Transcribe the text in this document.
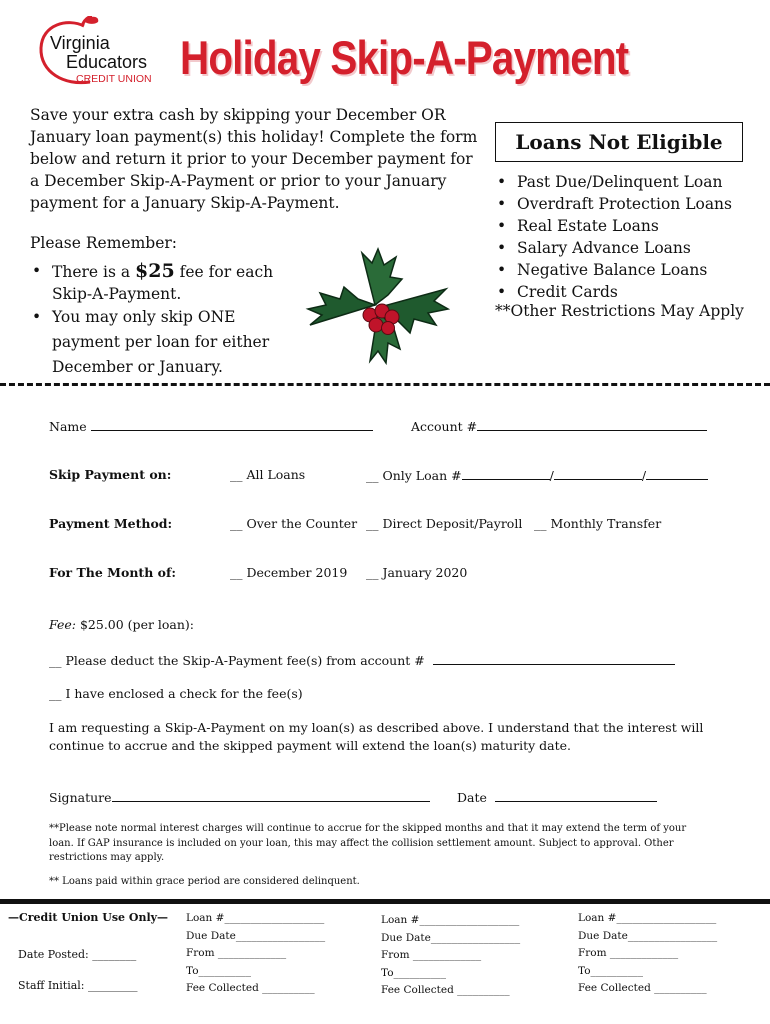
Virginia
Educators
CREDIT UNION Holiday Skip-A-Payment
Save your extra cash by skipping your December OR January loan payment(s) this holiday! Complete the form below and return it prior to your December payment for a December Skip-A-Payment or prior to your January payment for a January Skip-A-Payment.
Please Remember:
• There is a $25 fee for each Skip-A-Payment.
• You may only skip ONE payment per loan for either December or January.
Loans Not Eligible
• Past Due/Delinquent Loan
• Overdraft Protection Loans
• Real Estate Loans
• Salary Advance Loans
• Negative Balance Loans
• Credit Cards
**Other Restrictions May Apply
Name	Account #
Skip Payment on:	__ All Loans	__ Only Loan #	/	/
Payment Method:	__ Over the Counter __ Direct Deposit/Payroll __ Monthly Transfer
For The Month of:	__ December 2019 __ January 2020
Fee: $25.00 (per loan):
__ Please deduct the Skip-A-Payment fee(s) from account #
__ I have enclosed a check for the fee(s)
I am requesting a Skip-A-Payment on my loan(s) as described above. I understand that the interest will continue to accrue and the skipped payment will extend the loan(s) maturity date.
Signature	Date
**Please note normal interest charges will continue to accrue for the skipped months and that it may extend the term of your loan. If GAP insurance is included on your loan, this may affect the collision settlement amount. Subject to approval. Other restrictions may apply.
** Loans paid within grace period are considered delinquent.
—Credit Union Use Only—
Date Posted: ________
Staff Initial: _________
Loan #___________________
Due Date_________________
From _____________
To__________
Fee Collected __________
Loan #___________________
Due Date_________________
From _____________
To__________
Fee Collected __________
Loan #___________________
Due Date_________________
From _____________
To__________
Fee Collected __________
